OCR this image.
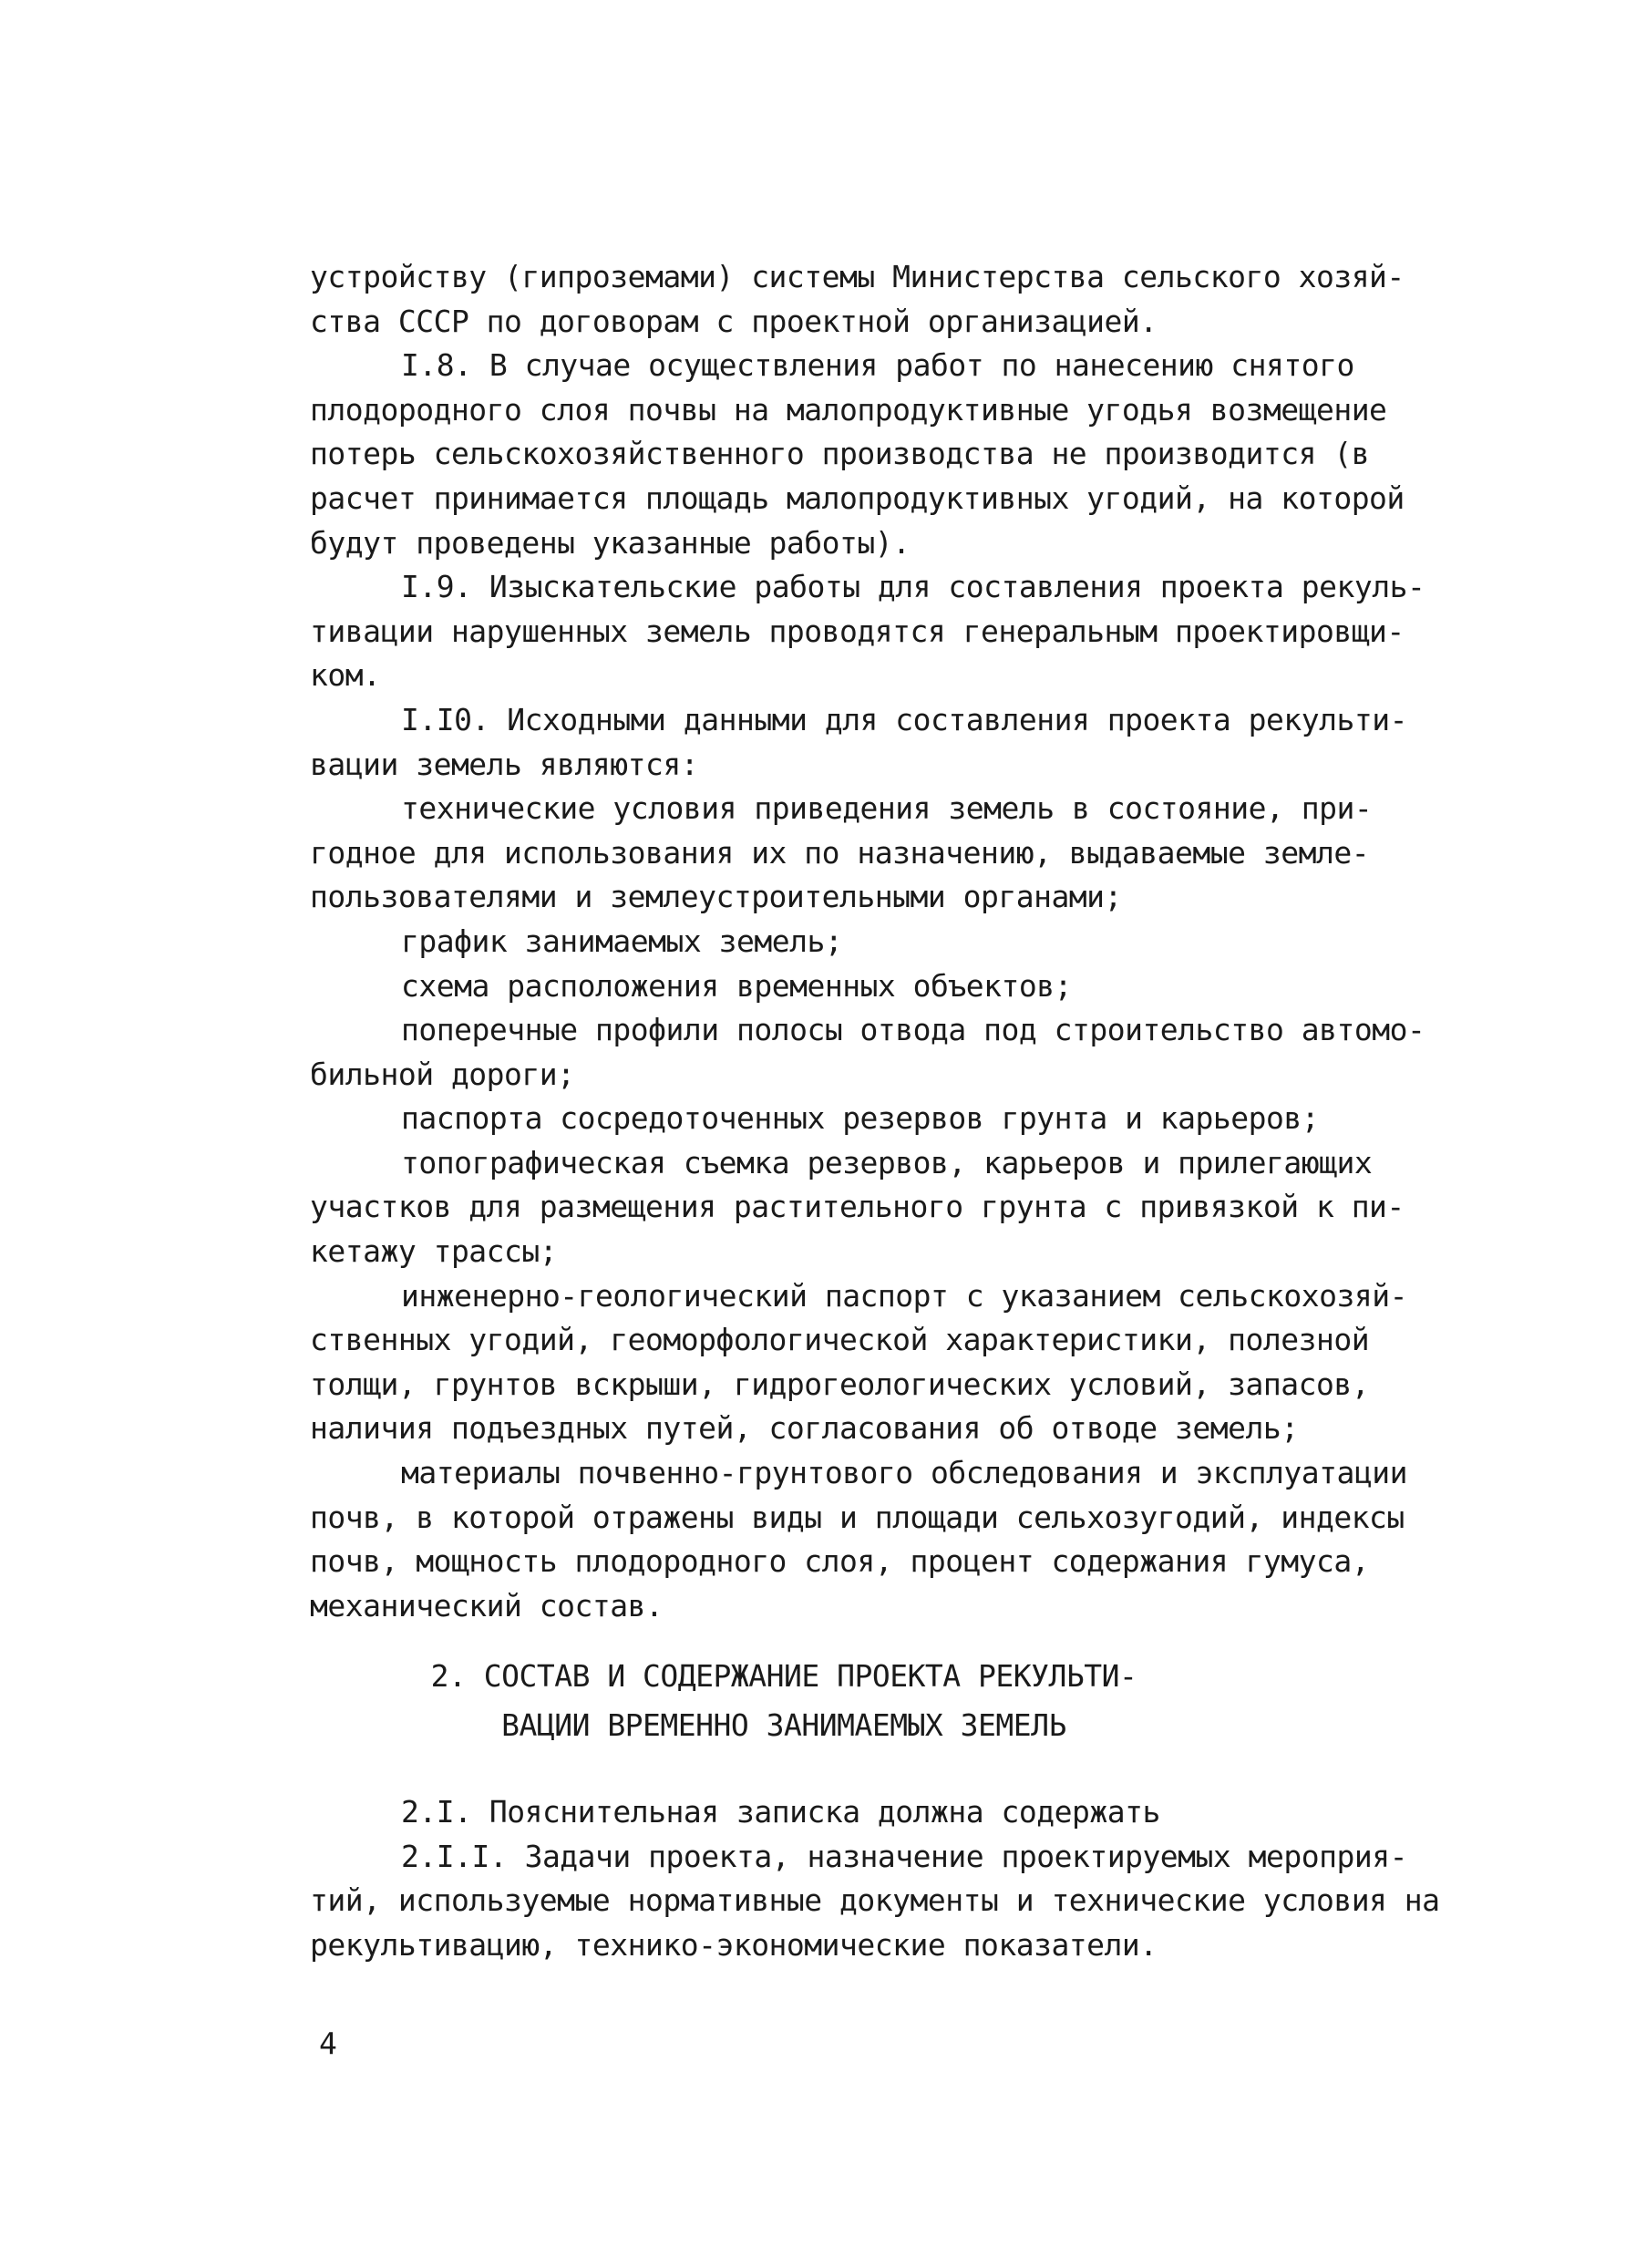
устройству (гипроземами) системы Министерства сельского хозяй-
ства СССР по договорам с проектной организацией.
I.8. В случае осуществления работ по нанесению снятого
плодородного слоя почвы на малопродуктивные угодья возмещение
потерь сельскохозяйственного производства не производится (в
расчет принимается площадь малопродуктивных угодий, на которой
будут проведены указанные работы).
I.9. Изыскательские работы для составления проекта рекуль-
тивации нарушенных земель проводятся генеральным проектировщи-
ком.
I.I0. Исходными данными для составления проекта рекульти-
вации земель являются:
технические условия приведения земель в состояние, при-
годное для использования их по назначению, выдаваемые земле-
пользователями и землеустроительными органами;
график занимаемых земель;
схема расположения временных объектов;
поперечные профили полосы отвода под строительство автомо-
бильной дороги;
паспорта сосредоточенных резервов грунта и карьеров;
топографическая съемка резервов, карьеров и прилегающих
участков для размещения растительного грунта с привязкой к пи-
кетажу трассы;
инженерно-геологический паспорт с указанием сельскохозяй-
ственных угодий, геоморфологической характеристики, полезной
толщи, грунтов вскрыши, гидрогеологических условий, запасов,
наличия подъездных путей, согласования об отводе земель;
материалы почвенно-грунтового обследования и эксплуатации
почв, в которой отражены виды и площади сельхозугодий, индексы
почв, мощность плодородного слоя, процент содержания гумуса,
механический состав.
2. СОСТАВ И СОДЕРЖАНИЕ ПРОЕКТА РЕКУЛЬТИ-
ВАЦИИ ВРЕМЕННО ЗАНИМАЕМЫХ ЗЕМЕЛЬ
2.I. Пояснительная записка должна содержать
2.I.I. Задачи проекта, назначение проектируемых мероприя-
тий, используемые нормативные документы и технические условия на
рекультивацию, технико-экономические показатели.
4
